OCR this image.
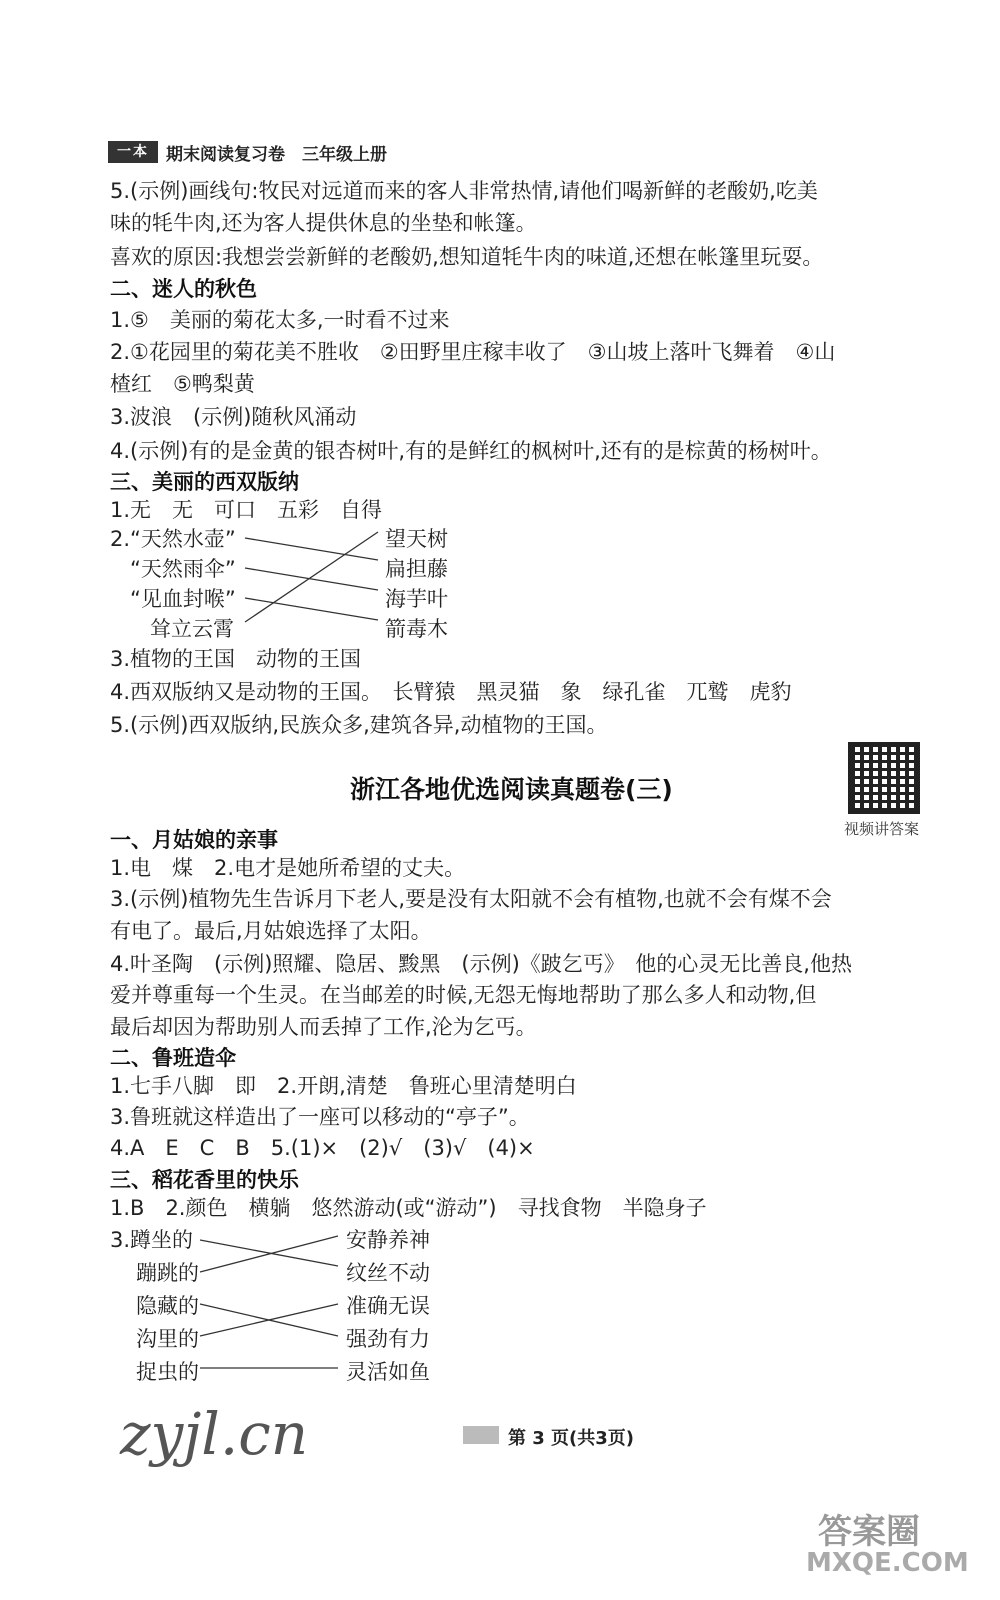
一本	期末阅读复习卷　三年级上册
5.(示例)画线句:牧民对远道而来的客人非常热情,请他们喝新鲜的老酸奶,吃美
味的牦牛肉,还为客人提供休息的坐垫和帐篷。
喜欢的原因:我想尝尝新鲜的老酸奶,想知道牦牛肉的味道,还想在帐篷里玩耍。
二、迷人的秋色
1.⑤　美丽的菊花太多,一时看不过来
2.①花园里的菊花美不胜收　②田野里庄稼丰收了　③山坡上落叶飞舞着　④山
楂红　⑤鸭梨黄
3.波浪　(示例)随秋风涌动
4.(示例)有的是金黄的银杏树叶,有的是鲜红的枫树叶,还有的是棕黄的杨树叶。
三、美丽的西双版纳
1.无　无　可口　五彩　自得
2.“天然水壶”
“天然雨伞”
“见血封喉”
耸立云霄
望天树
扁担藤
海芋叶
箭毒木
3.植物的王国　动物的王国
4.西双版纳又是动物的王国。　长臂猿　黑灵猫　象　绿孔雀　兀鹫　虎豹
5.(示例)西双版纳,民族众多,建筑各异,动植物的王国。
浙江各地优选阅读真题卷(三)
视频讲答案
一、月姑娘的亲事
1.电　煤　2.电才是她所希望的丈夫。
3.(示例)植物先生告诉月下老人,要是没有太阳就不会有植物,也就不会有煤不会
有电了。最后,月姑娘选择了太阳。
4.叶圣陶　(示例)照耀、隐居、黢黑　(示例)《跛乞丐》　他的心灵无比善良,他热
爱并尊重每一个生灵。在当邮差的时候,无怨无悔地帮助了那么多人和动物,但
最后却因为帮助别人而丢掉了工作,沦为乞丐。
二、鲁班造伞
1.七手八脚　即　2.开朗,清楚　鲁班心里清楚明白
3.鲁班就这样造出了一座可以移动的“亭子”。
4.A　E　C　B　5.(1)×　(2)√　(3)√　(4)×
三、稻花香里的快乐
1.B　2.颜色　横躺　悠然游动(或“游动”)　寻找食物　半隐身子
3.蹲坐的
蹦跳的
隐藏的
沟里的
捉虫的
安静养神
纹丝不动
准确无误
强劲有力
灵活如鱼
zyjl.cn	第 3 页(共3页)
答案圈
MXQE.COM
